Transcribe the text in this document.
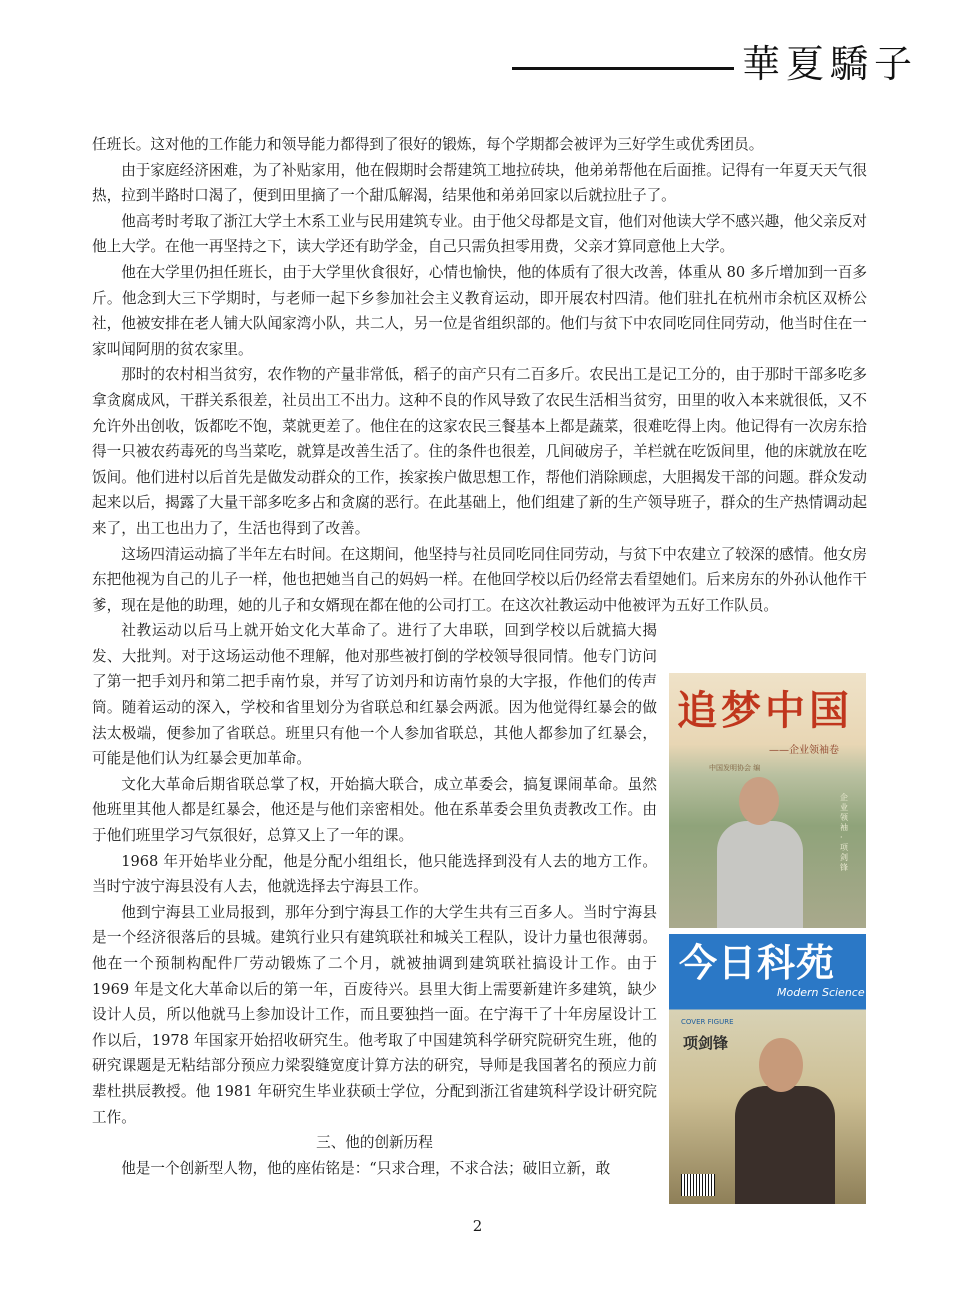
華夏驕子

任班长。这对他的工作能力和领导能力都得到了很好的锻炼，每个学期都会被评为三好学生或优秀团员。

由于家庭经济困难，为了补贴家用，他在假期时会帮建筑工地拉砖块，他弟弟帮他在后面推。记得有一年夏天天气很热，拉到半路时口渴了，便到田里摘了一个甜瓜解渴，结果他和弟弟回家以后就拉肚子了。

他高考时考取了浙江大学土木系工业与民用建筑专业。由于他父母都是文盲，他们对他读大学不感兴趣，他父亲反对他上大学。在他一再坚持之下，读大学还有助学金，自己只需负担零用费，父亲才算同意他上大学。

他在大学里仍担任班长，由于大学里伙食很好，心情也愉快，他的体质有了很大改善，体重从 80 多斤增加到一百多斤。他念到大三下学期时，与老师一起下乡参加社会主义教育运动，即开展农村四清。他们驻扎在杭州市余杭区双桥公社，他被安排在老人铺大队闻家湾小队，共二人，另一位是省组织部的。他们与贫下中农同吃同住同劳动，他当时住在一家叫闻阿朋的贫农家里。

那时的农村相当贫穷，农作物的产量非常低，稻子的亩产只有二百多斤。农民出工是记工分的，由于那时干部多吃多拿贪腐成风，干群关系很差，社员出工不出力。这种不良的作风导致了农民生活相当贫穷，田里的收入本来就很低，又不允许外出创收，饭都吃不饱，菜就更差了。他住在的这家农民三餐基本上都是蔬菜，很难吃得上肉。他记得有一次房东拾得一只被农药毒死的鸟当菜吃，就算是改善生活了。住的条件也很差，几间破房子，羊栏就在吃饭间里，他的床就放在吃饭间。他们进村以后首先是做发动群众的工作，挨家挨户做思想工作，帮他们消除顾虑，大胆揭发干部的问题。群众发动起来以后，揭露了大量干部多吃多占和贪腐的恶行。在此基础上，他们组建了新的生产领导班子，群众的生产热情调动起来了，出工也出力了，生活也得到了改善。

这场四清运动搞了半年左右时间。在这期间，他坚持与社员同吃同住同劳动，与贫下中农建立了较深的感情。他女房东把他视为自己的儿子一样，他也把她当自己的妈妈一样。在他回学校以后仍经常去看望她们。后来房东的外孙认他作干爹，现在是他的助理，她的儿子和女婿现在都在他的公司打工。在这次社教运动中他被评为五好工作队员。

社教运动以后马上就开始文化大革命了。进行了大串联，回到学校以后就搞大揭发、大批判。对于这场运动他不理解，他对那些被打倒的学校领导很同情。他专门访问了第一把手刘丹和第二把手南竹泉，并写了访刘丹和访南竹泉的大字报，作他们的传声筒。随着运动的深入，学校和省里划分为省联总和红暴会两派。因为他觉得红暴会的做法太极端，便参加了省联总。班里只有他一个人参加省联总，其他人都参加了红暴会，可能是他们认为红暴会更加革命。

文化大革命后期省联总掌了权，开始搞大联合，成立革委会，搞复课闹革命。虽然他班里其他人都是红暴会，他还是与他们亲密相处。他在系革委会里负责教改工作。由于他们班里学习气氛很好，总算又上了一年的课。

1968 年开始毕业分配，他是分配小组组长，他只能选择到没有人去的地方工作。当时宁波宁海县没有人去，他就选择去宁海县工作。

他到宁海县工业局报到，那年分到宁海县工作的大学生共有三百多人。当时宁海县是一个经济很落后的县城。建筑行业只有建筑联社和城关工程队，设计力量也很薄弱。他在一个预制构配件厂劳动锻炼了二个月，就被抽调到建筑联社搞设计工作。由于 1969 年是文化大革命以后的第一年，百废待兴。县里大街上需要新建许多建筑，缺少设计人员，所以他就马上参加设计工作，而且要独挡一面。在宁海干了十年房屋设计工作以后，1978 年国家开始招收研究生。他考取了中国建筑科学研究院研究生班，他的研究课题是无粘结部分预应力梁裂缝宽度计算方法的研究，导师是我国著名的预应力前辈杜拱辰教授。他 1981 年研究生毕业获硕士学位，分配到浙江省建筑科学设计研究院工作。

三、他的创新历程

他是一个创新型人物，他的座佑铭是：“只求合理，不求合法；破旧立新，敢

追梦中国
——企业领袖卷
中国发明协会 编
企业领袖·项剑锋
今日科苑
Modern Science
COVER FIGURE
项剑锋
2
